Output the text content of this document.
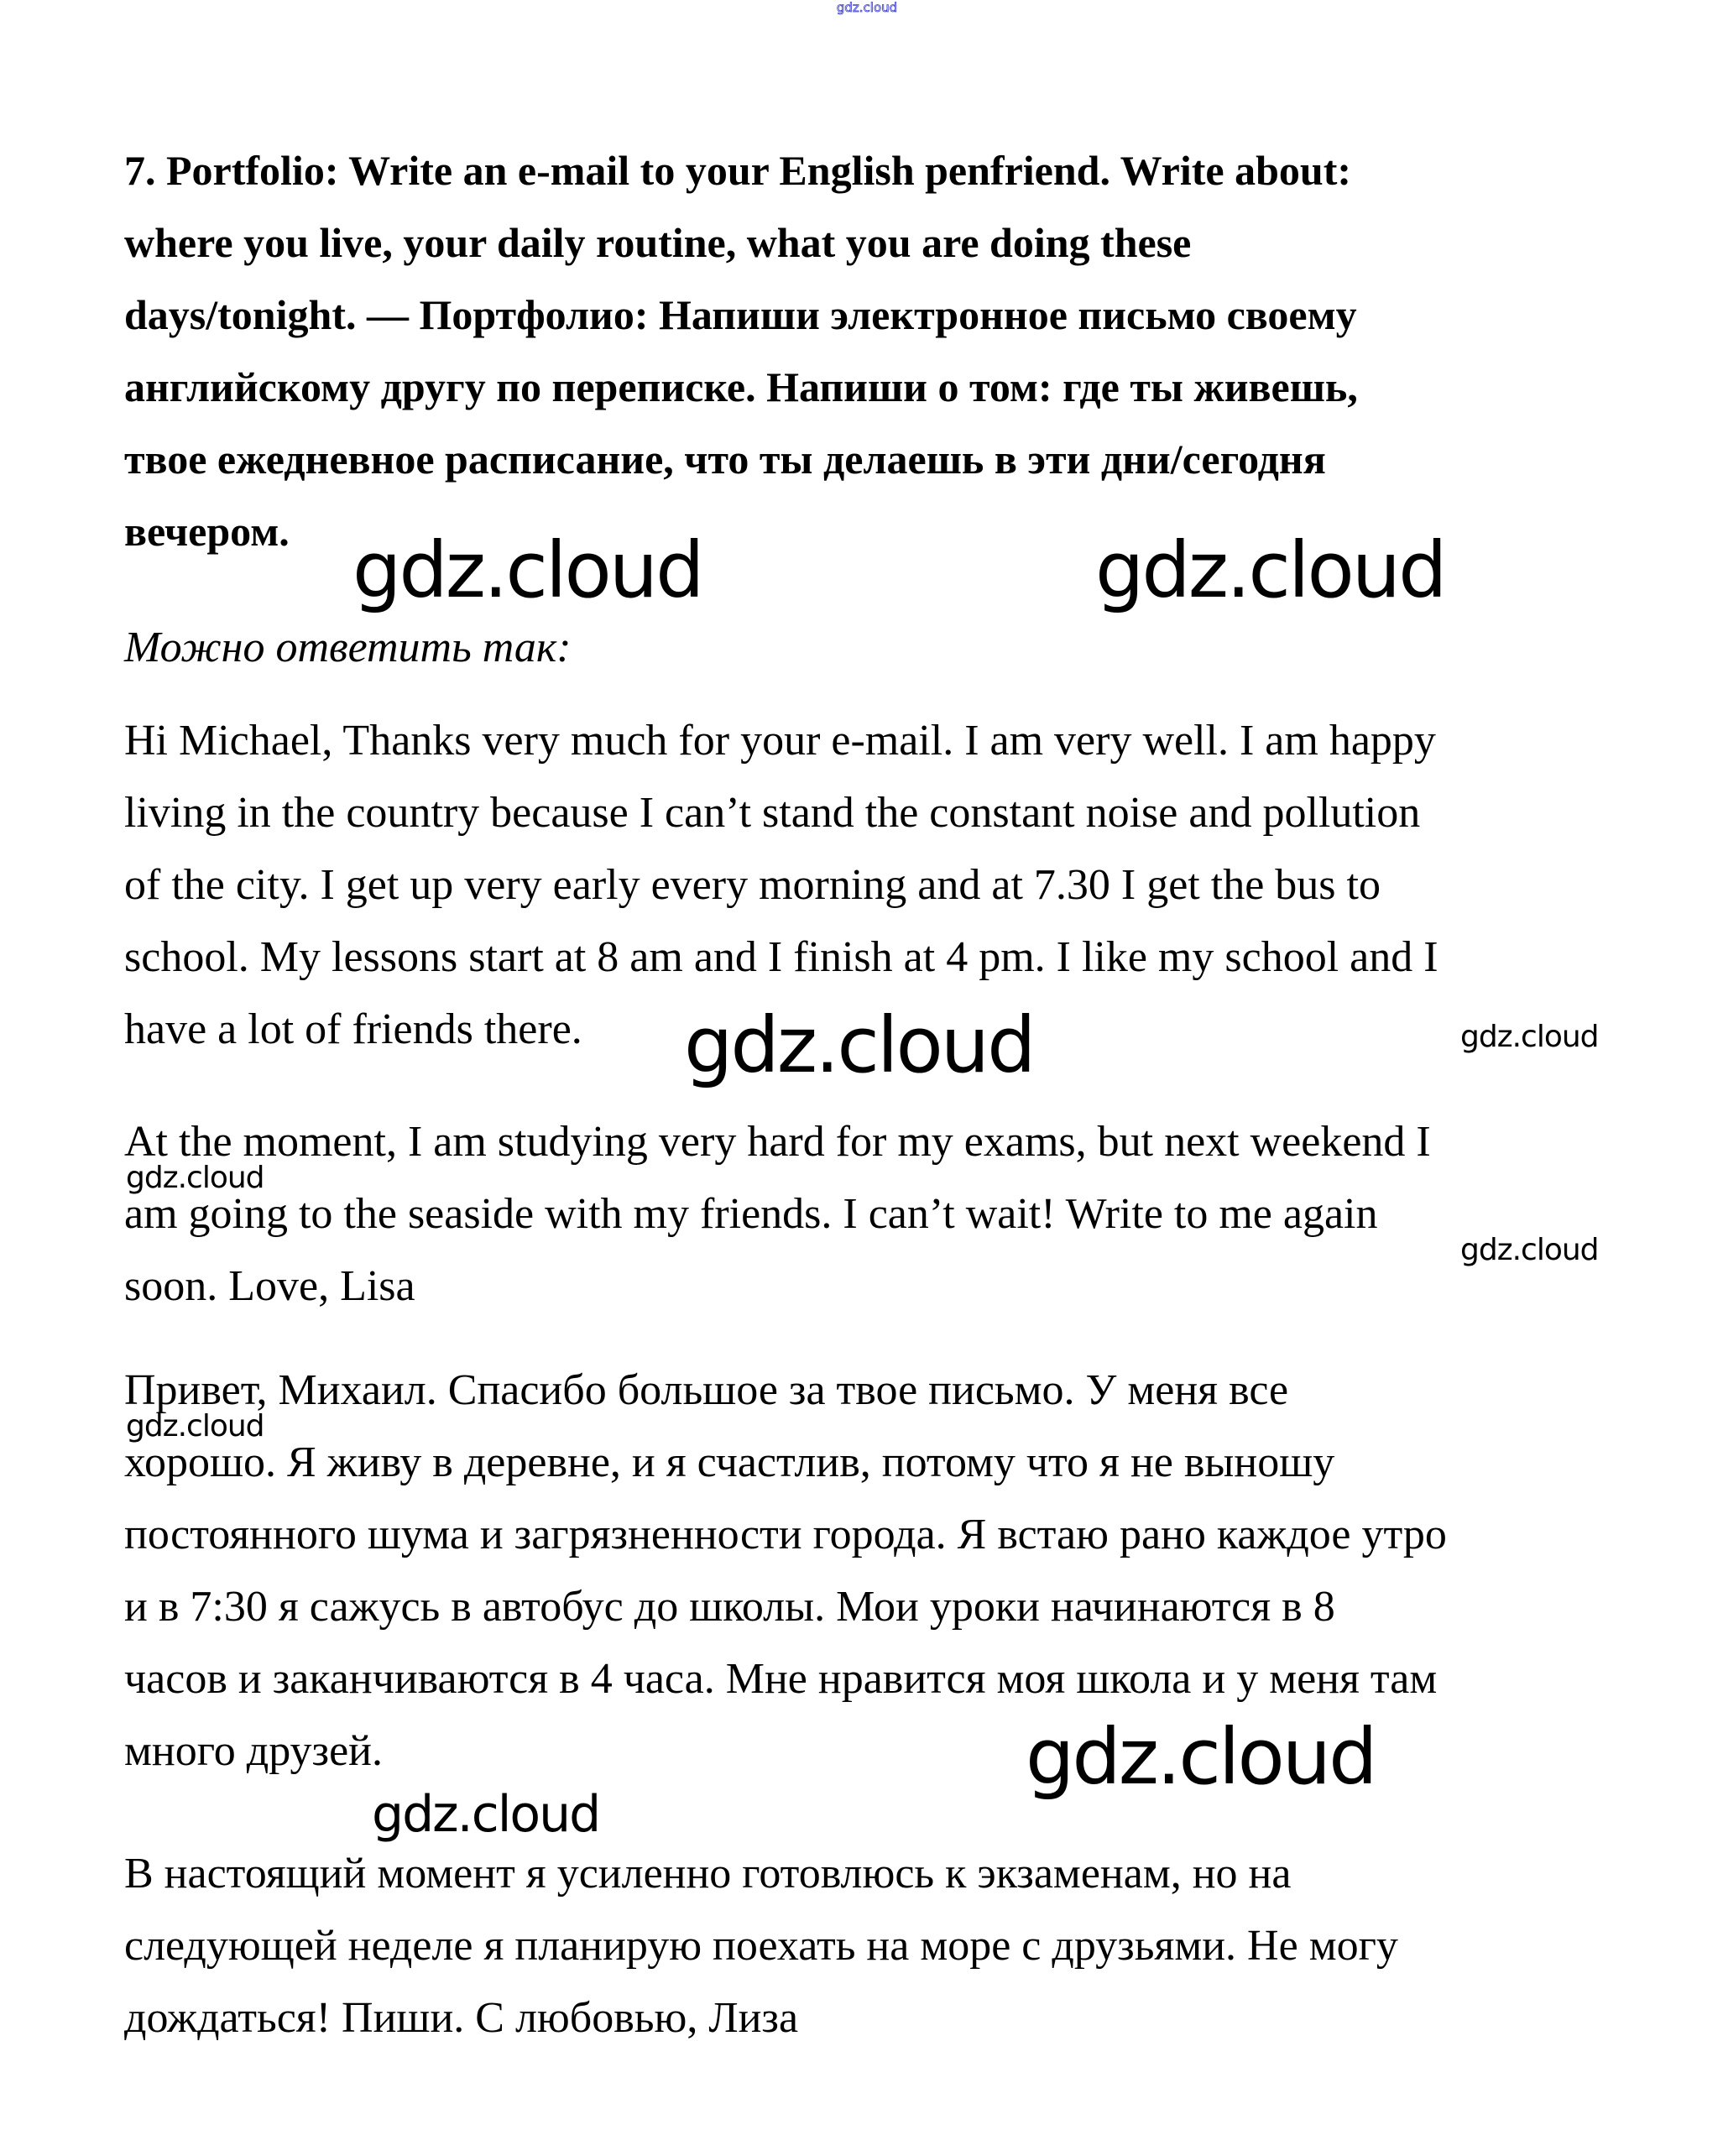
gdz.cloud
7. Portfolio: Write an e-mail to your English penfriend. Write about:
where you live, your daily routine, what you are doing these
days/tonight. — Портфолио: Напиши электронное письмо своему
английскому другу по переписке. Напиши о том: где ты живешь,
твое ежедневное расписание, что ты делаешь в эти дни/сегодня
вечером.

Можно ответить так:

Hi Michael, Thanks very much for your e-mail. I am very well. I am happy
living in the country because I can’t stand the constant noise and pollution
of the city. I get up very early every morning and at 7.30 I get the bus to
school. My lessons start at 8 am and I finish at 4 pm. I like my school and I
have a lot of friends there.

At the moment, I am studying very hard for my exams, but next weekend I
am going to the seaside with my friends. I can’t wait! Write to me again
soon. Love, Lisa

Привет, Михаил. Спасибо большое за твое письмо. У меня все
хорошо. Я живу в деревне, и я счастлив, потому что я не выношу
постоянного шума и загрязненности города. Я встаю рано каждое утро
и в 7:30 я сажусь в автобус до школы. Мои уроки начинаются в 8
часов и заканчиваются в 4 часа. Мне нравится моя школа и у меня там
много друзей.

В настоящий момент я усиленно готовлюсь к экзаменам, но на
следующей неделе я планирую поехать на море с друзьями. Не могу
дождаться! Пиши. С любовью, Лиза

gdz.cloud	gdz.cloud
gdz.cloud	gdz.cloud
gdz.cloud
gdz.cloud
gdz.cloud
gdz.cloud
gdz.cloud
